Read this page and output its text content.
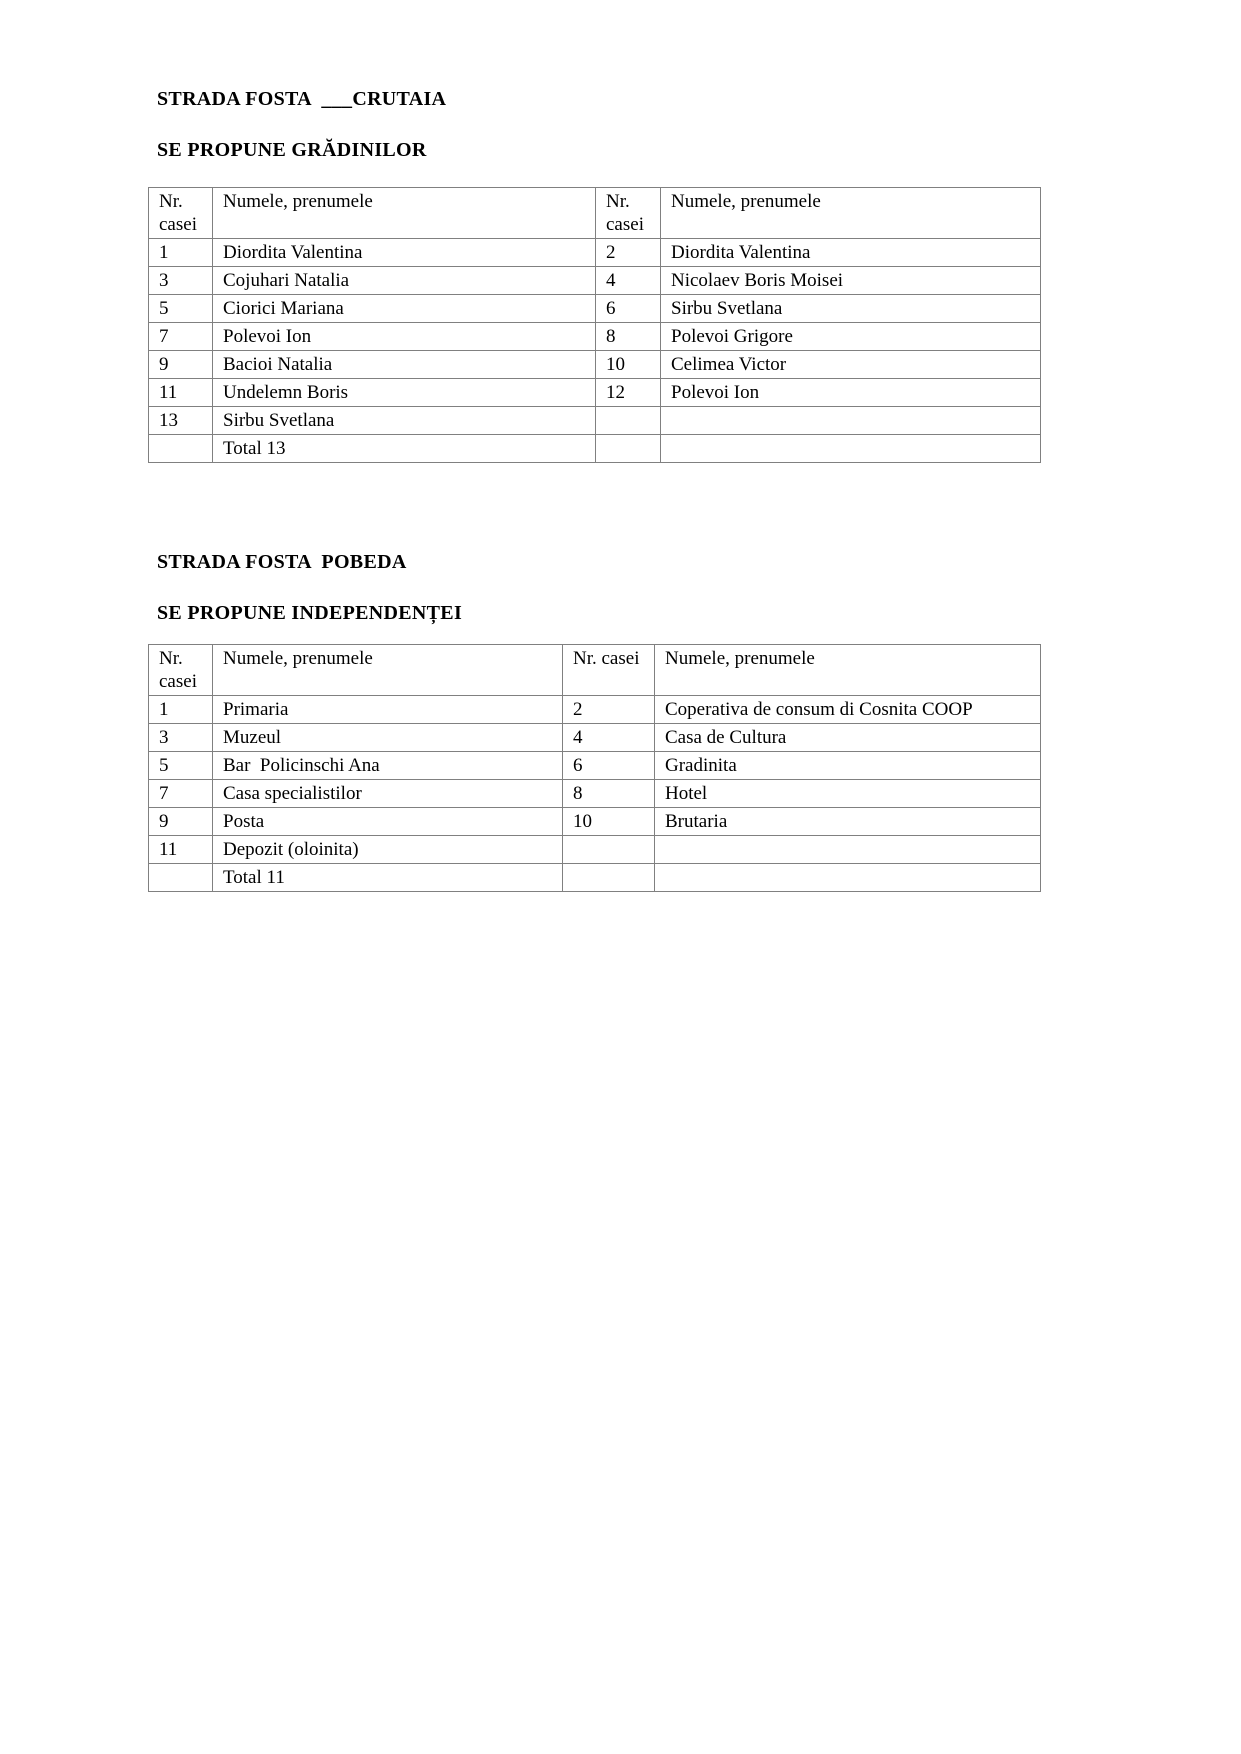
STRADA FOSTA  ___CRUTAIA

SE PROPUNE GRĂDINILOR

Nr. casei	Numele, prenumele	Nr. casei	Numele, prenumele
1	Diordita Valentina	2	Diordita Valentina
3	Cojuhari Natalia	4	Nicolaev Boris Moisei
5	Ciorici Mariana	6	Sirbu Svetlana
7	Polevoi Ion	8	Polevoi Grigore
9	Bacioi Natalia	10	Celimea Victor
11	Undelemn Boris	12	Polevoi Ion
13	Sirbu Svetlana		
	Total 13		

STRADA FOSTA  POBEDA

SE PROPUNE INDEPENDENȚEI

Nr. casei	Numele, prenumele	Nr. casei	Numele, prenumele
1	Primaria	2	Coperativa de consum di Cosnita COOP
3	Muzeul	4	Casa de Cultura
5	Bar  Policinschi Ana	6	Gradinita
7	Casa specialistilor	8	Hotel
9	Posta	10	Brutaria
11	Depozit (oloinita)		
	Total 11		
